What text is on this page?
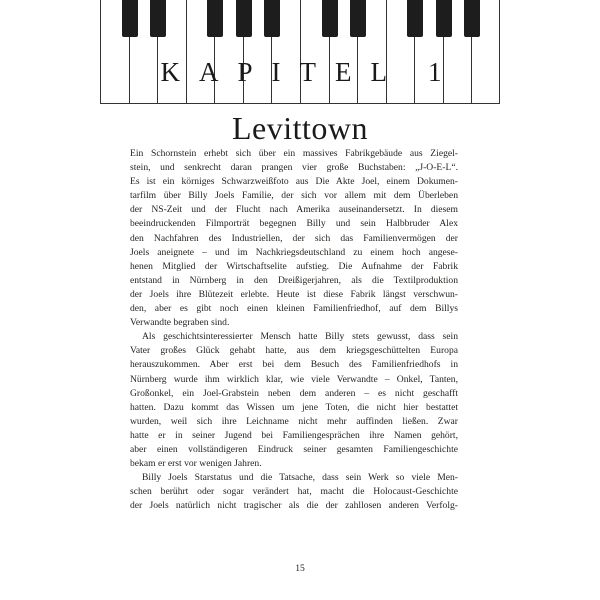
KAPITEL 1
Levittown
Ein Schornstein erhebt sich über ein massives Fabrikgebäude aus Ziegel-
stein, und senkrecht daran prangen vier große Buchstaben: „J-O-E-L“.
Es ist ein körniges Schwarzweißfoto aus Die Akte Joel, einem Dokumen-
tarfilm über Billy Joels Familie, der sich vor allem mit dem Überleben
der NS-Zeit und der Flucht nach Amerika auseinandersetzt. In diesem
beeindruckenden Filmporträt begegnen Billy und sein Halbbruder Alex
den Nachfahren des Industriellen, der sich das Familienvermögen der
Joels aneignete – und im Nachkriegsdeutschland zu einem hoch angese-
henen Mitglied der Wirtschaftselite aufstieg. Die Aufnahme der Fabrik
entstand in Nürnberg in den Dreißigerjahren, als die Textilproduktion
der Joels ihre Blütezeit erlebte. Heute ist diese Fabrik längst verschwun-
den, aber es gibt noch einen kleinen Familienfriedhof, auf dem Billys
Verwandte begraben sind.
Als geschichtsinteressierter Mensch hatte Billy stets gewusst, dass sein
Vater großes Glück gehabt hatte, aus dem kriegsgeschüttelten Europa
herauszukommen. Aber erst bei dem Besuch des Familienfriedhofs in
Nürnberg wurde ihm wirklich klar, wie viele Verwandte – Onkel, Tanten,
Großonkel, ein Joel-Grabstein neben dem anderen – es nicht geschafft
hatten. Dazu kommt das Wissen um jene Toten, die nicht hier bestattet
wurden, weil sich ihre Leichname nicht mehr auffinden ließen. Zwar
hatte er in seiner Jugend bei Familiengesprächen ihre Namen gehört,
aber einen vollständigeren Eindruck seiner gesamten Familiengeschichte
bekam er erst vor wenigen Jahren.
Billy Joels Starstatus und die Tatsache, dass sein Werk so viele Men-
schen berührt oder sogar verändert hat, macht die Holocaust-Geschichte
der Joels natürlich nicht tragischer als die der zahllosen anderen Verfolg-
15
